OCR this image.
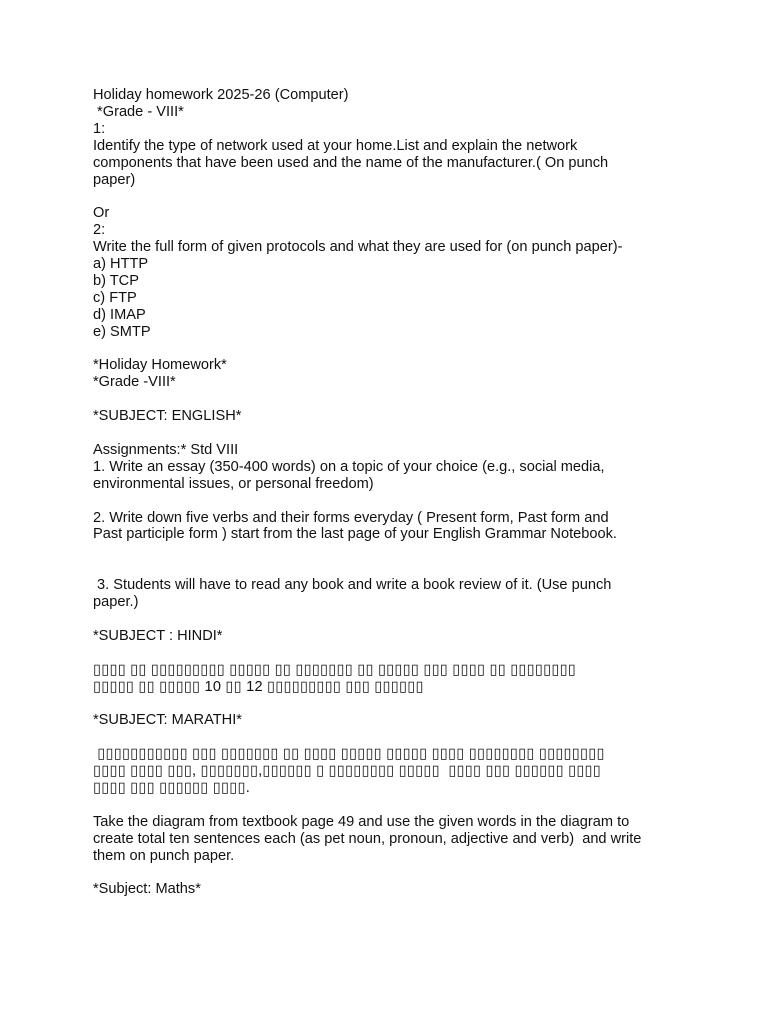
Holiday homework 2025-26 (Computer)
*Grade - VIII*
1:
Identify the type of network used at your home.List and explain the network
components that have been used and the name of the manufacturer.( On punch
paper)
Or
2:
Write the full form of given protocols and what they are used for (on punch paper)-
a) HTTP
b) TCP
c) FTP
d) IMAP
e) SMTP
*Holiday Homework*
*Grade -VIII*
*SUBJECT: ENGLISH*
Assignments:* Std VIII
1. Write an essay (350-400 words) on a topic of your choice (e.g., social media,
environmental issues, or personal freedom)
2. Write down five verbs and their forms everyday ( Present form, Past form and
Past participle form ) start from the last page of your English Grammar Notebook.
3. Students will have to read any book and write a book review of it. (Use punch
paper.)
*SUBJECT : HINDI*
▯▯▯▯ ▯▯ ▯▯▯▯▯▯▯▯▯ ▯▯▯▯▯ ▯▯ ▯▯▯▯▯▯▯ ▯▯ ▯▯▯▯▯ ▯▯▯ ▯▯▯▯ ▯▯ ▯▯▯▯▯▯▯▯
▯▯▯▯▯ ▯▯ ▯▯▯▯▯ 10 ▯▯ 12 ▯▯▯▯▯▯▯▯▯ ▯▯▯ ▯▯▯▯▯▯
*SUBJECT: MARATHI*
▯▯▯▯▯▯▯▯▯▯▯ ▯▯▯ ▯▯▯▯▯▯▯ ▯▯ ▯▯▯▯ ▯▯▯▯▯ ▯▯▯▯▯ ▯▯▯▯ ▯▯▯▯▯▯▯▯ ▯▯▯▯▯▯▯▯
▯▯▯▯ ▯▯▯▯ ▯▯▯, ▯▯▯▯▯▯▯,▯▯▯▯▯▯ ▯ ▯▯▯▯▯▯▯▯ ▯▯▯▯▯  ▯▯▯▯ ▯▯▯ ▯▯▯▯▯▯ ▯▯▯▯
▯▯▯▯ ▯▯▯ ▯▯▯▯▯▯ ▯▯▯▯.
Take the diagram from textbook page 49 and use the given words in the diagram to
create total ten sentences each (as pet noun, pronoun, adjective and verb)  and write
them on punch paper.
*Subject: Maths*
